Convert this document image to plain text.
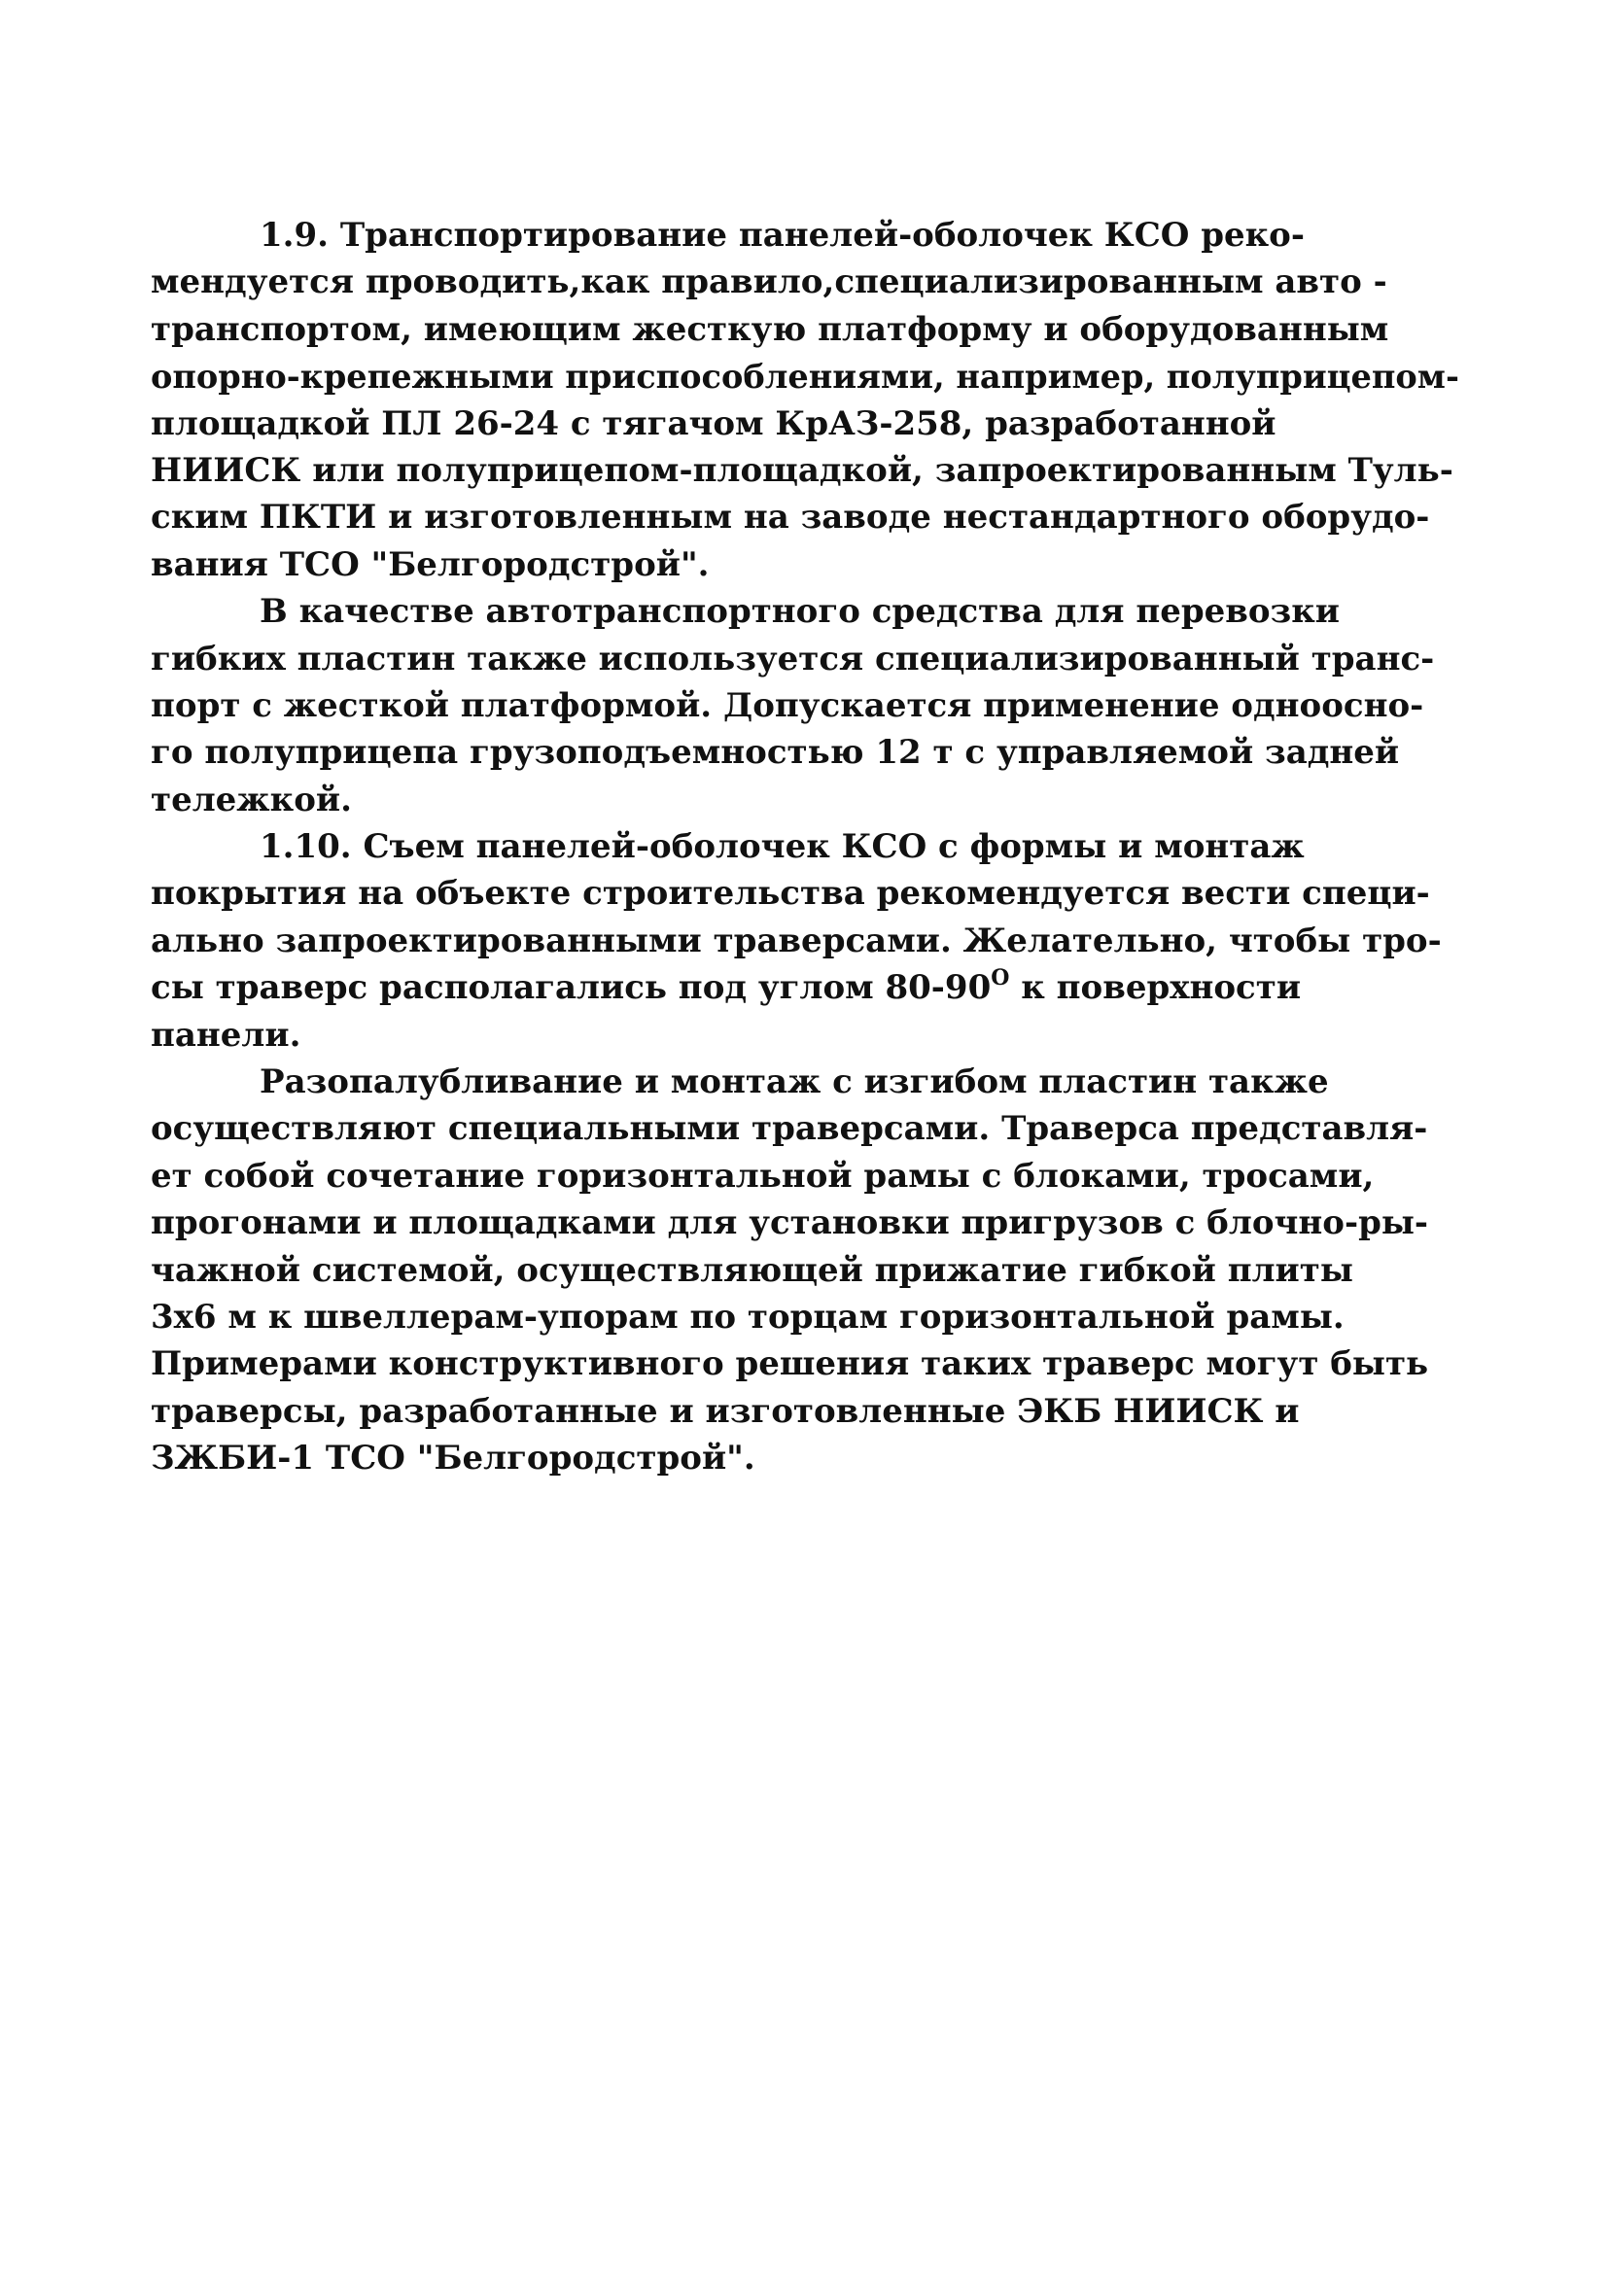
1.9. Транспортирование панелей-оболочек КСО реко-
мендуется проводить,как правило,специализированным авто -
транспортом, имеющим жесткую платформу и оборудованным
опорно-крепежными приспособлениями, например, полуприцепом-
площадкой ПЛ 26-24 с тягачом КрАЗ-258, разработанной
НИИСК или полуприцепом-площадкой, запроектированным Туль-
ским ПКТИ и изготовленным на заводе нестандартного оборудо-
вания ТСО "Белгородстрой".
В качестве автотранспортного средства для перевозки
гибких пластин также используется специализированный транс-
порт с жесткой платформой. Допускается применение одноосно-
го полуприцепа грузоподъемностью 12 т с управляемой задней
тележкой.
1.10. Съем панелей-оболочек КСО с формы и монтаж
покрытия на объекте строительства рекомендуется вести специ-
ально запроектированными траверсами. Желательно, чтобы тро-
сы траверс располагались под углом $80-90^О$ к поверхности
панели.
Разопалубливание и монтаж с изгибом пластин также
осуществляют специальными траверсами. Траверса представля-
ет собой сочетание горизонтальной рамы с блоками, тросами,
прогонами и площадками для установки пригрузов с блочно-ры-
чажной системой, осуществляющей прижатие гибкой плиты
3х6 м к швеллерам-упорам по торцам горизонтальной рамы.
Примерами конструктивного решения таких траверс могут быть
траверсы, разработанные и изготовленные ЭКБ НИИСК и
ЗЖБИ-1 ТСО "Белгородстрой".
